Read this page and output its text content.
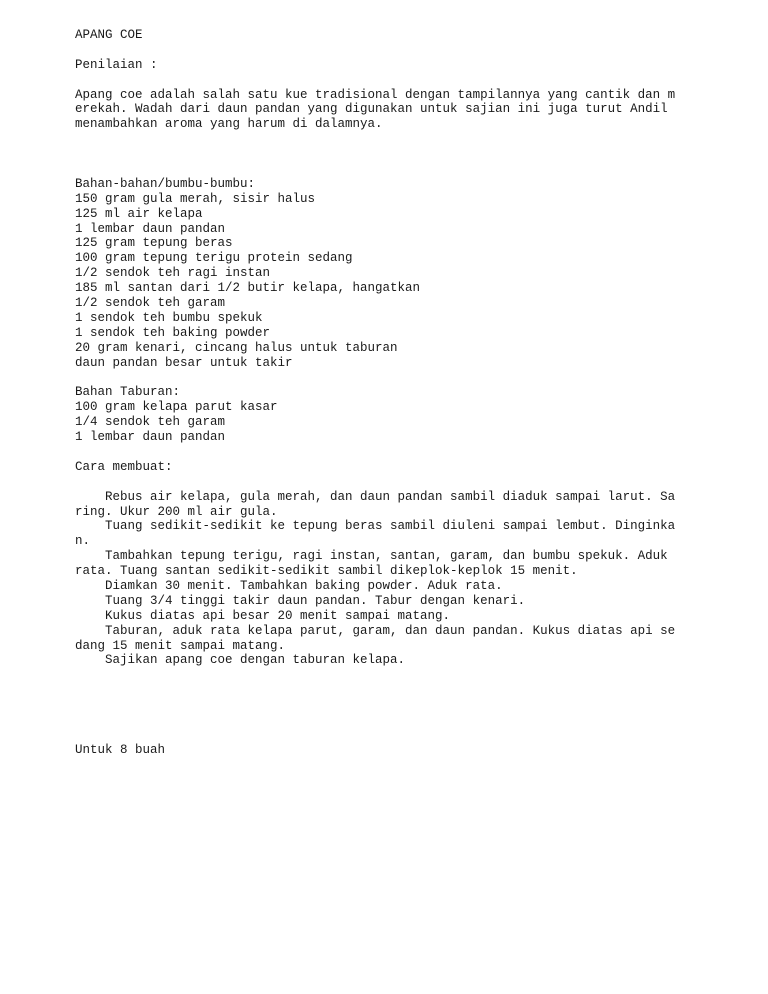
APANG COE
Penilaian :
Apang coe adalah salah satu kue tradisional dengan tampilannya yang cantik dan m
erekah. Wadah dari daun pandan yang digunakan untuk sajian ini juga turut Andil
menambahkan aroma yang harum di dalamnya.
Bahan-bahan/bumbu-bumbu:
150 gram gula merah, sisir halus
125 ml air kelapa
1 lembar daun pandan
125 gram tepung beras
100 gram tepung terigu protein sedang
1/2 sendok teh ragi instan
185 ml santan dari 1/2 butir kelapa, hangatkan
1/2 sendok teh garam
1 sendok teh bumbu spekuk
1 sendok teh baking powder
20 gram kenari, cincang halus untuk taburan
daun pandan besar untuk takir
Bahan Taburan:
100 gram kelapa parut kasar
1/4 sendok teh garam
1 lembar daun pandan
Cara membuat:
Rebus air kelapa, gula merah, dan daun pandan sambil diaduk sampai larut. Sa
ring. Ukur 200 ml air gula.
Tuang sedikit-sedikit ke tepung beras sambil diuleni sampai lembut. Dinginka
n.
Tambahkan tepung terigu, ragi instan, santan, garam, dan bumbu spekuk. Aduk
rata. Tuang santan sedikit-sedikit sambil dikeplok-keplok 15 menit.
Diamkan 30 menit. Tambahkan baking powder. Aduk rata.
Tuang 3/4 tinggi takir daun pandan. Tabur dengan kenari.
Kukus diatas api besar 20 menit sampai matang.
Taburan, aduk rata kelapa parut, garam, dan daun pandan. Kukus diatas api se
dang 15 menit sampai matang.
Sajikan apang coe dengan taburan kelapa.
Untuk 8 buah
